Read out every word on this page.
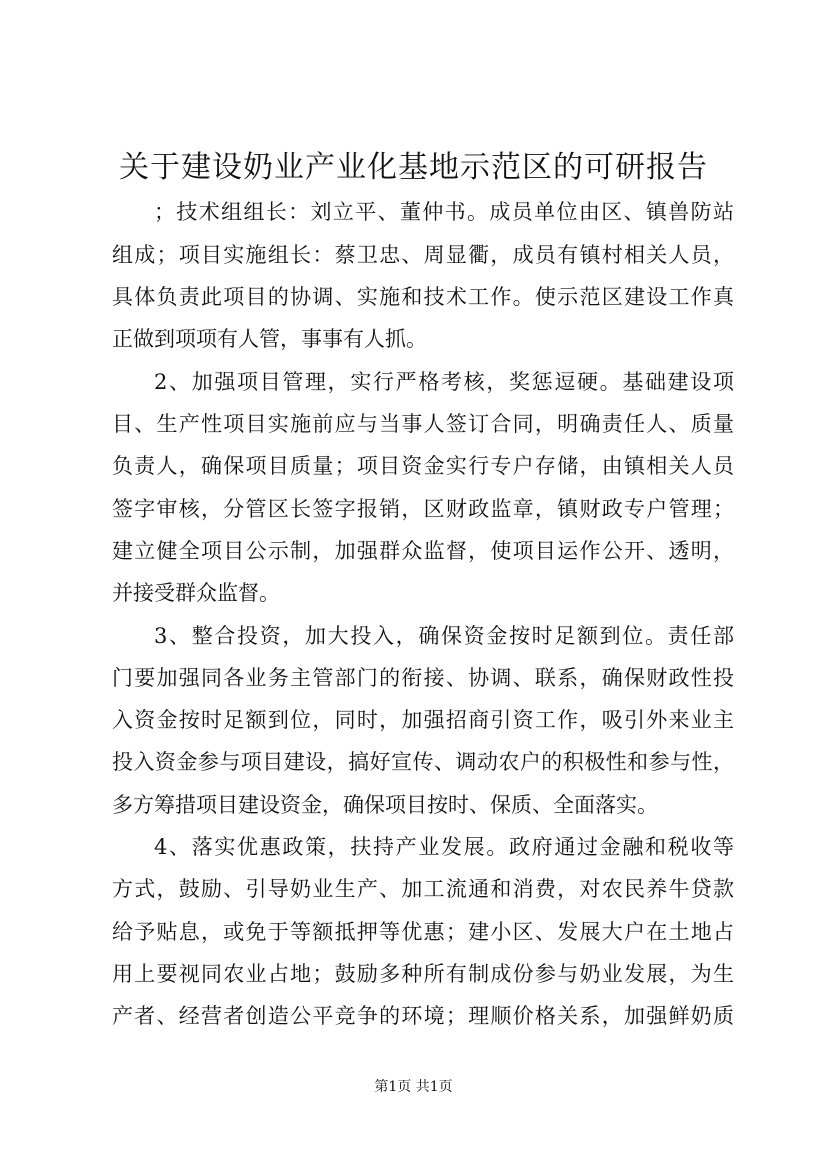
关于建设奶业产业化基地示范区的可研报告
；技术组组长：刘立平、董仲书。成员单位由区、镇兽防站
组成；项目实施组长：蔡卫忠、周显衢，成员有镇村相关人员，
具体负责此项目的协调、实施和技术工作。使示范区建设工作真
正做到项项有人管，事事有人抓。
2、加强项目管理，实行严格考核，奖惩逗硬。基础建设项
目、生产性项目实施前应与当事人签订合同，明确责任人、质量
负责人，确保项目质量；项目资金实行专户存储，由镇相关人员
签字审核，分管区长签字报销，区财政监章，镇财政专户管理；
建立健全项目公示制，加强群众监督，使项目运作公开、透明，
并接受群众监督。
3、整合投资，加大投入，确保资金按时足额到位。责任部
门要加强同各业务主管部门的衔接、协调、联系，确保财政性投
入资金按时足额到位，同时，加强招商引资工作，吸引外来业主
投入资金参与项目建设，搞好宣传、调动农户的积极性和参与性，
多方筹措项目建设资金，确保项目按时、保质、全面落实。
4、落实优惠政策，扶持产业发展。政府通过金融和税收等
方式，鼓励、引导奶业生产、加工流通和消费，对农民养牛贷款
给予贴息，或免于等额抵押等优惠；建小区、发展大户在土地占
用上要视同农业占地；鼓励多种所有制成份参与奶业发展，为生
产者、经营者创造公平竞争的环境；理顺价格关系，加强鲜奶质
第1页 共1页
